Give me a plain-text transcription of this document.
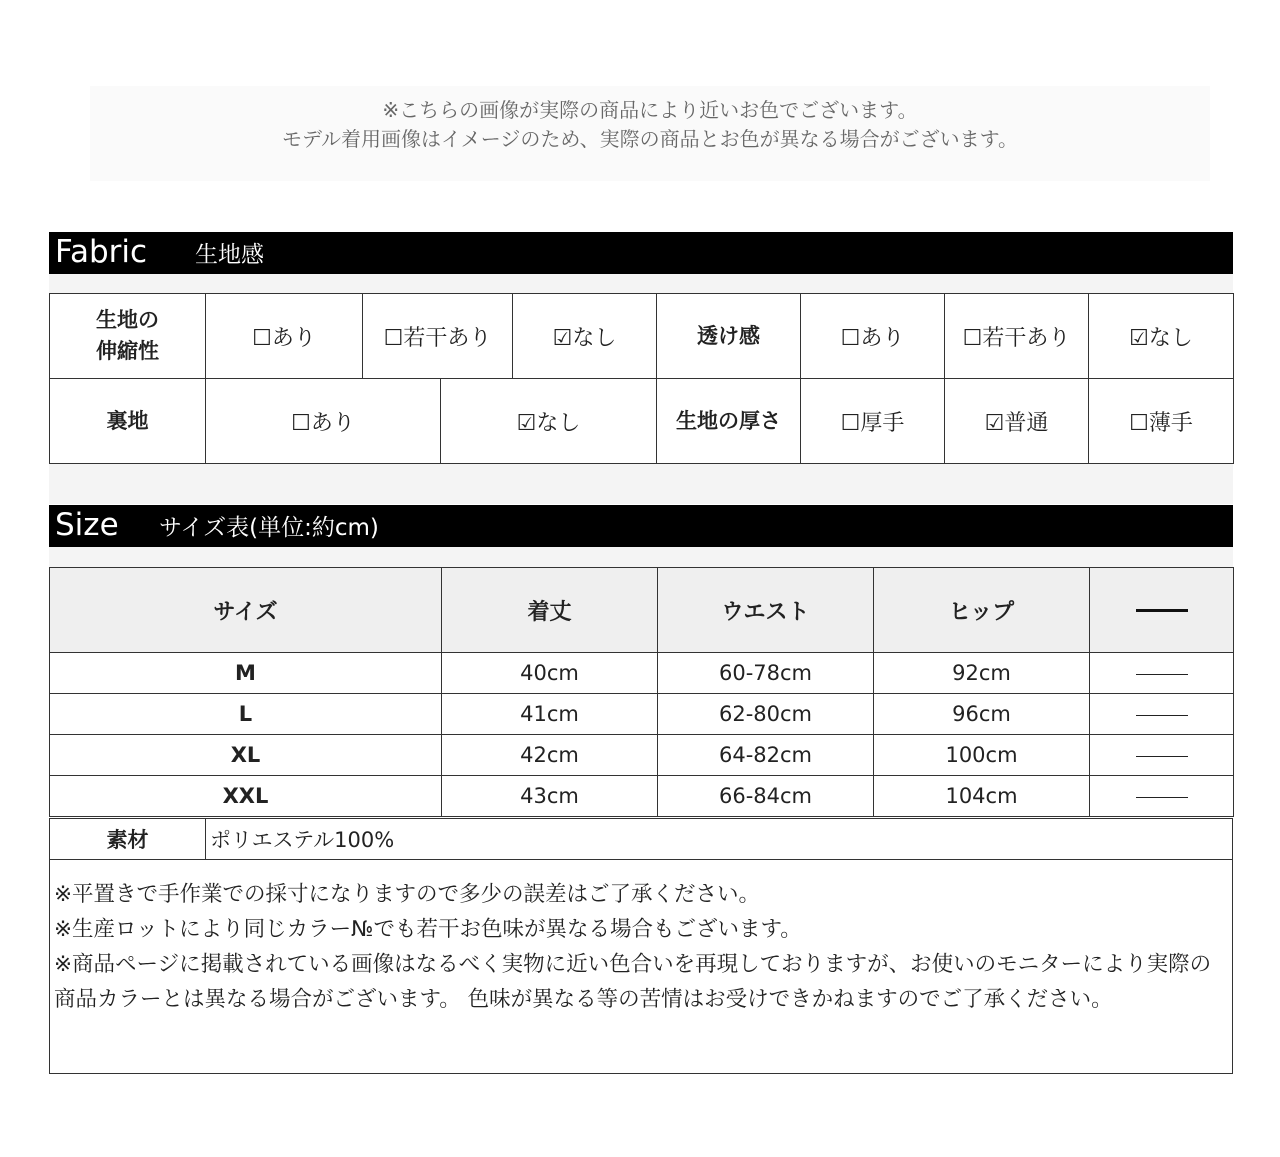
※こちらの画像が実際の商品により近いお色でございます。
モデル着用画像はイメージのため、実際の商品とお色が異なる場合がございます。
Fabric 生地感
生地の
伸縮性	☐あり	☐若干あり		☑なし	透け感	☐あり	☐若干あり	☑なし
裏地	☐あり		☑なし		生地の厚さ	☐厚手	☑普通	☐薄手
Size サイズ表(単位:約cm)
サイズ	着丈	ウエスト	ヒップ	
M	40cm	60-78cm	92cm	
L	41cm	62-80cm	96cm	
XL	42cm	64-82cm	100cm	
XXL	43cm	66-84cm	104cm	
素材	ポリエステル100%
※平置きで手作業での採寸になりますので多少の誤差はご了承ください。
※生産ロットにより同じカラー№でも若干お色味が異なる場合もございます。
※商品ページに掲載されている画像はなるべく実物に近い色合いを再現しておりますが、お使いのモニターにより実際の商品カラーとは異なる場合がございます。 色味が異なる等の苦情はお受けできかねますのでご了承ください。
